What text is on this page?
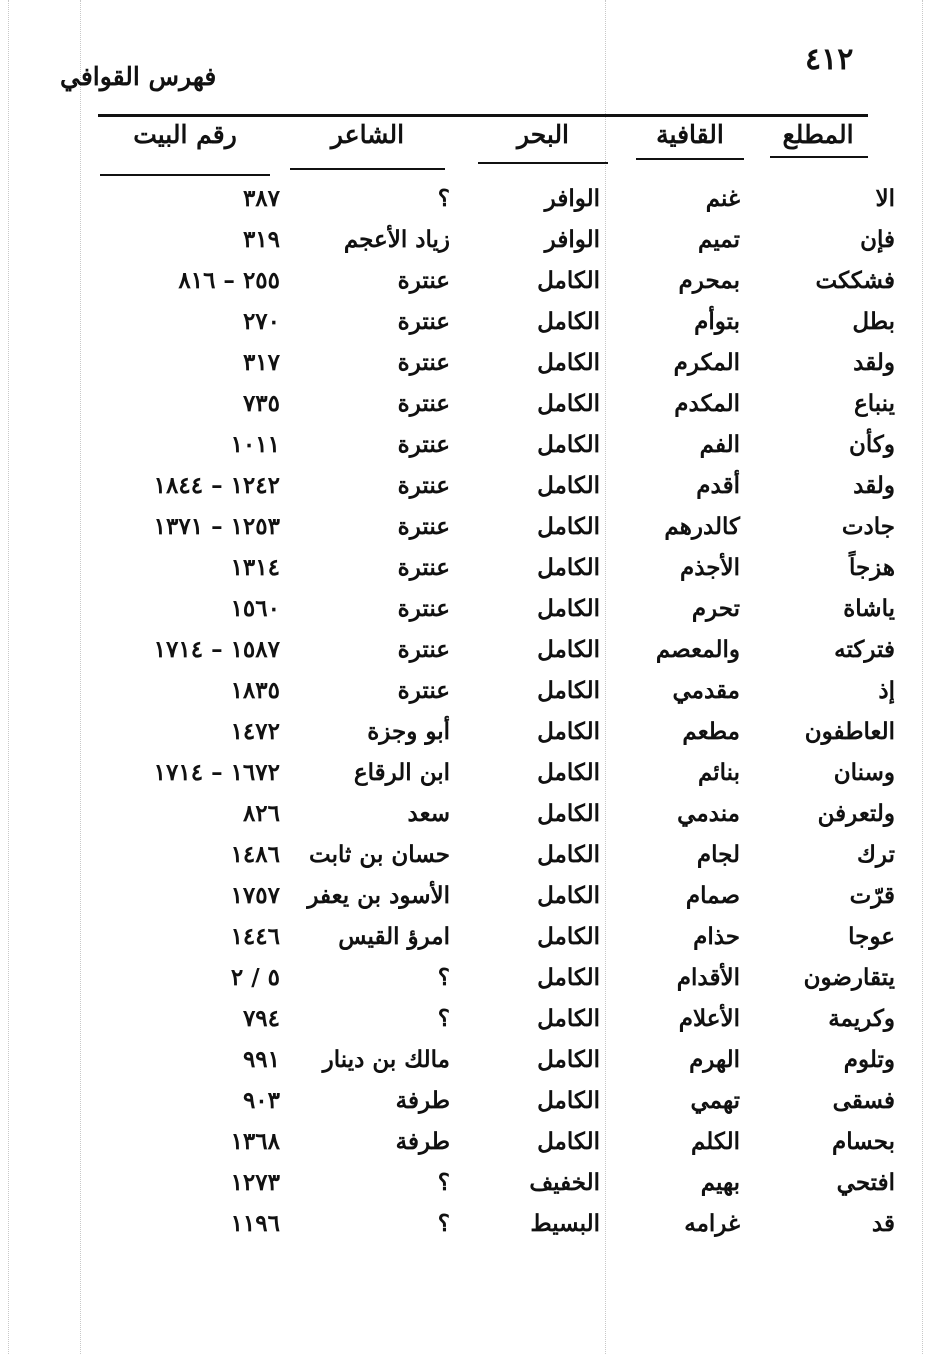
٤١٢
فهرس القوافي
المطلع
القافية
البحر
الشاعر
رقم البيت
الا
غنم
الوافر
؟
٣٨٧
فإن
تميم
الوافر
زياد الأعجم
٣١٩
فشككت
بمحرم
الكامل
عنترة
٢٥٥ – ٨١٦
بطل
بتوأم
الكامل
عنترة
٢٧٠
ولقد
المكرم
الكامل
عنترة
٣١٧
ينباع
المكدم
الكامل
عنترة
٧٣٥
وكأن
الفم
الكامل
عنترة
١٠١١
ولقد
أقدم
الكامل
عنترة
١٢٤٢ – ١٨٤٤
جادت
كالدرهم
الكامل
عنترة
١٢٥٣ – ١٣٧١
هزجاً
الأجذم
الكامل
عنترة
١٣١٤
ياشاة
تحرم
الكامل
عنترة
١٥٦٠
فتركته
والمعصم
الكامل
عنترة
١٥٨٧ – ١٧١٤
إذ
مقدمي
الكامل
عنترة
١٨٣٥
العاطفون
مطعم
الكامل
أبو وجزة
١٤٧٢
وسنان
بنائم
الكامل
ابن الرقاع
١٦٧٢ – ١٧١٤
ولتعرفن
مندمي
الكامل
سعد
٨٢٦
ترك
لجام
الكامل
حسان بن ثابت
١٤٨٦
قرّت
صمام
الكامل
الأسود بن يعفر
١٧٥٧
عوجا
حذام
الكامل
امرؤ القيس
١٤٤٦
يتقارضون
الأقدام
الكامل
؟
٥ / ٢
وكريمة
الأعلام
الكامل
؟
٧٩٤
وتلوم
الهرم
الكامل
مالك بن دينار
٩٩١
فسقى
تهمي
الكامل
طرفة
٩٠٣
بحسام
الكلم
الكامل
طرفة
١٣٦٨
افتحي
بهيم
الخفيف
؟
١٢٧٣
قد
غرامه
البسيط
؟
١١٩٦
